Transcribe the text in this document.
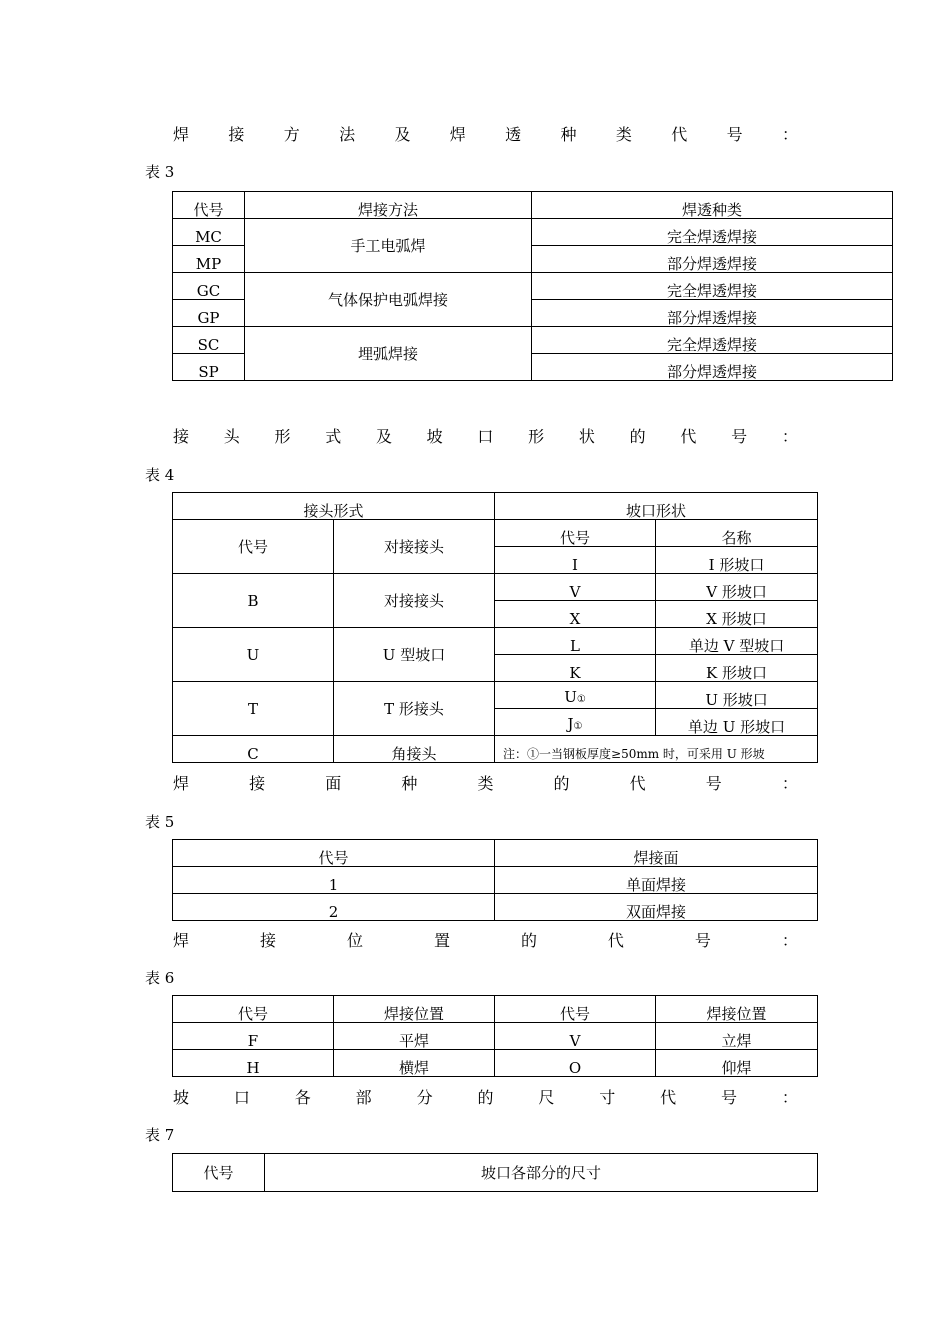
焊 接 方 法 及 焊 透 种 类 代 号 ：
表 3
代号	焊接方法	焊透种类
MC	手工电弧焊	完全焊透焊接
MP		部分焊透焊接
GC	气体保护电弧焊接	完全焊透焊接
GP		部分焊透焊接
SC	埋弧焊接	完全焊透焊接
SP		部分焊透焊接
接 头 形 式 及 坡 口 形 状 的 代 号 ：
表 4
接头形式		坡口形状	
代号	对接接头	代号	名称
		I	I 形坡口
B	对接接头	V	V 形坡口
		X	X 形坡口
U	U 型坡口	L	单边 V 型坡口
		K	K 形坡口
T	T 形接头	U①	U 形坡口
		J①	单边 U 形坡口
C	角接头	注：①一当钢板厚度≥50mm 时，可采用 U 形坡	
焊	接	面	种	类	的	代	号	：
表 5
代号	焊接面
1	单面焊接
2	双面焊接
焊	接	位	置	的	代	号	：
表 6
代号	焊接位置	代号	焊接位置
F	平焊	V	立焊
H	横焊	O	仰焊
坡	口	各	部	分	的	尺	寸	代	号	：
表 7
代号	坡口各部分的尺寸
